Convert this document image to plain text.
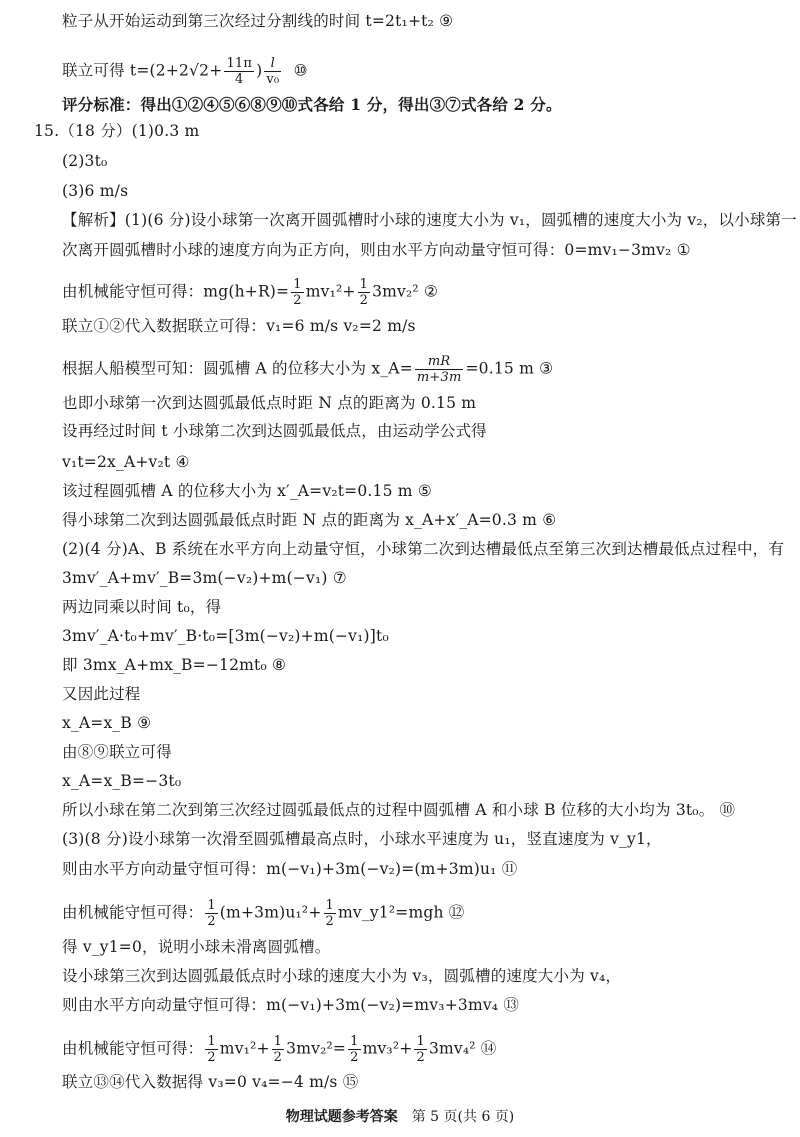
粒子从开始运动到第三次经过分割线的时间 t=2t₁+t₂ ⑨
联立可得 $t=(2+2√2+ \frac{11\pi}{4}$ ) $\frac{l}{\text{v₀}}$ ⑩
评分标准：得出①②④⑤⑥⑧⑨⑩式各给 1 分，得出③⑦式各给 2 分。
15.（18 分）(1)0.3 m
(2)3t₀
(3)6 m/s
【解析】(1)(6 分)设小球第一次离开圆弧槽时小球的速度大小为 v₁，圆弧槽的速度大小为 v₂，以小球第一
次离开圆弧槽时小球的速度方向为正方向，则由水平方向动量守恒可得：0=mv₁−3mv₂ ①
由机械能守恒可得：$mg(h+R)= \frac{1}{2} mv_1^2+ \frac{1}{2} 3mv_2^2$ ②
联立①②代入数据联立可得：v₁=6 m/s v₂=2 m/s
根据人船模型可知：圆弧槽 A 的位移大小为 x_A= $\frac{mR}{m+3m} =0.15$ m ③
也即小球第一次到达圆弧最低点时距 N 点的距离为 0.15 m
设再经过时间 t 小球第二次到达圆弧最低点，由运动学公式得
v₁t=2x_A+v₂t ④
该过程圆弧槽 A 的位移大小为 x′_A=v₂t=0.15 m ⑤
得小球第二次到达圆弧最低点时距 N 点的距离为 x_A+x′_A=0.3 m ⑥
(2)(4 分)A、B 系统在水平方向上动量守恒，小球第二次到达槽最低点至第三次到达槽最低点过程中，有
3mv′_A+mv′_B=3m(−v₂)+m(−v₁) ⑦
两边同乘以时间 t₀，得
3mv′_A·t₀+mv′_B·t₀=[3m(−v₂)+m(−v₁)]t₀
即 3mx_A+mx_B=−12mt₀ ⑧
又因此过程
x_A=x_B ⑨
由⑧⑨联立可得
x_A=x_B=−3t₀
所以小球在第二次到第三次经过圆弧最低点的过程中圆弧槽 A 和小球 B 位移的大小均为 3t₀。 ⑩
(3)(8 分)设小球第一次滑至圆弧槽最高点时，小球水平速度为 u₁，竖直速度为 v_y1，
则由水平方向动量守恒可得：m(−v₁)+3m(−v₂)=(m+3m)u₁ ⑪
由机械能守恒可得： $\frac{1}{2} (m+3m)u_1^2+ \frac{1}{2}$ mv_y1²=mgh ⑫
得 v_y1=0，说明小球未滑离圆弧槽。
设小球第三次到达圆弧最低点时小球的速度大小为 v₃，圆弧槽的速度大小为 v₄，
则由水平方向动量守恒可得：m(−v₁)+3m(−v₂)=mv₃+3mv₄ ⑬
由机械能守恒可得： $\frac{1}{2} mv_1^2+ \frac{1}{2} 3mv_2^2= \frac{1}{2} mv_3^2+ \frac{1}{2} 3mv_4^2$ ⑭
联立⑬⑭代入数据得 v₃=0 v₄=−4 m/s ⑮
物理试题参考答案 第 5 页(共 6 页)
